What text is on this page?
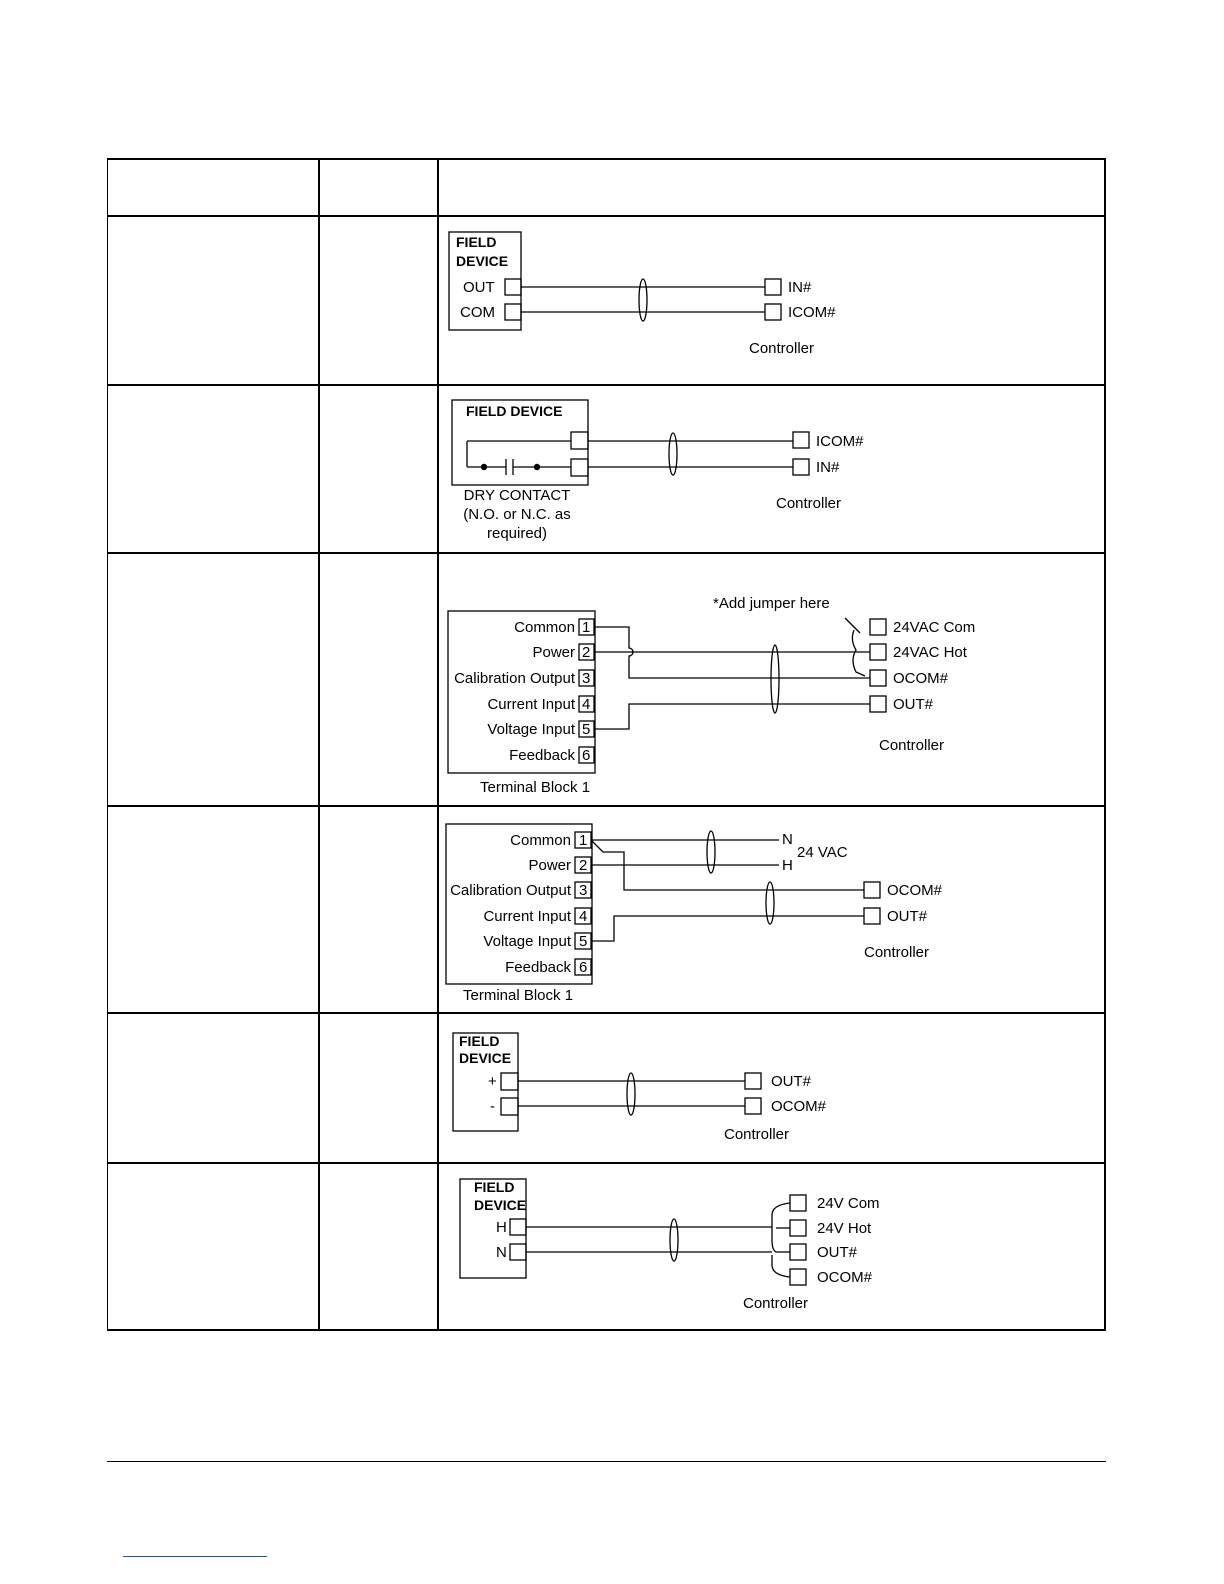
FIELD
DEVICE
OUT
COM
IN#
ICOM#
Controller
FIELD DEVICE
ICOM#
IN#
DRY CONTACT
(N.O. or N.C. as
required)
Controller
*Add jumper here
Common
Power
Calibration Output
Current Input
Voltage Input
Feedback
1
2
3
4
5
6
Terminal Block 1
24VAC Com
24VAC Hot
OCOM#
OUT#
Controller
Common
Power
Calibration Output
Current Input
Voltage Input
Feedback
1
2
3
4
5
6
Terminal Block 1
N
H
24 VAC
OCOM#
OUT#
Controller
FIELD
DEVICE
+
-
OUT#
OCOM#
Controller
FIELD
DEVICE
H
N
24V Com
24V Hot
OUT#
OCOM#
Controller
